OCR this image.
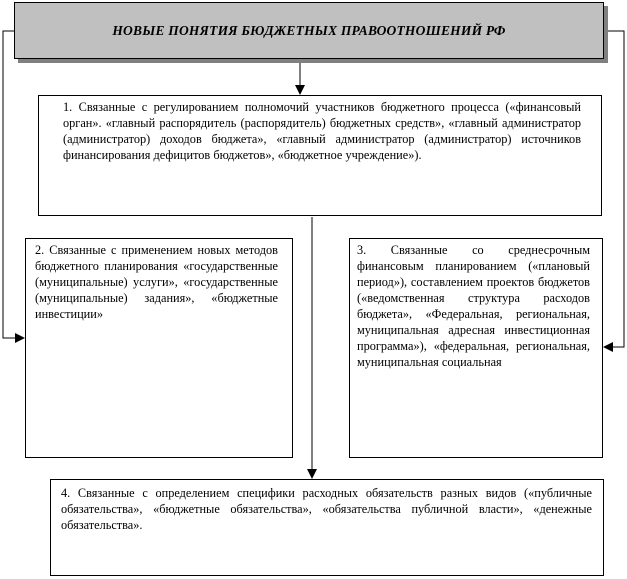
НОВЫЕ ПОНЯТИЯ БЮДЖЕТНЫХ ПРАВООТНОШЕНИЙ РФ
1. Связанные с регулированием полномочий участников бюджетного процесса («финансовый орган». «главный распорядитель (распорядитель) бюджетных средств», «главный администратор (администратор) доходов бюджета», «главный администратор (администратор) источников финансирования дефицитов бюджетов», «бюджетное учреждение»).
2. Связанные с применением новых методов бюджетного планирования «государственные (муниципальные) услуги», «государственные (муниципальные) задания», «бюджетные инвестиции»
3. Связанные со среднесрочным финансовым планированием («плановый период»), составлением проектов бюджетов («ведомственная структура расходов бюджета», «Федеральная, региональная, муниципальная адресная инвестиционная программа»), «федеральная, региональная, муниципальная социальная
4. Связанные с определением специфики расходных обязательств разных видов («публичные обязательства», «бюджетные обязательства», «обязательства публичной власти», «денежные обязательства».
